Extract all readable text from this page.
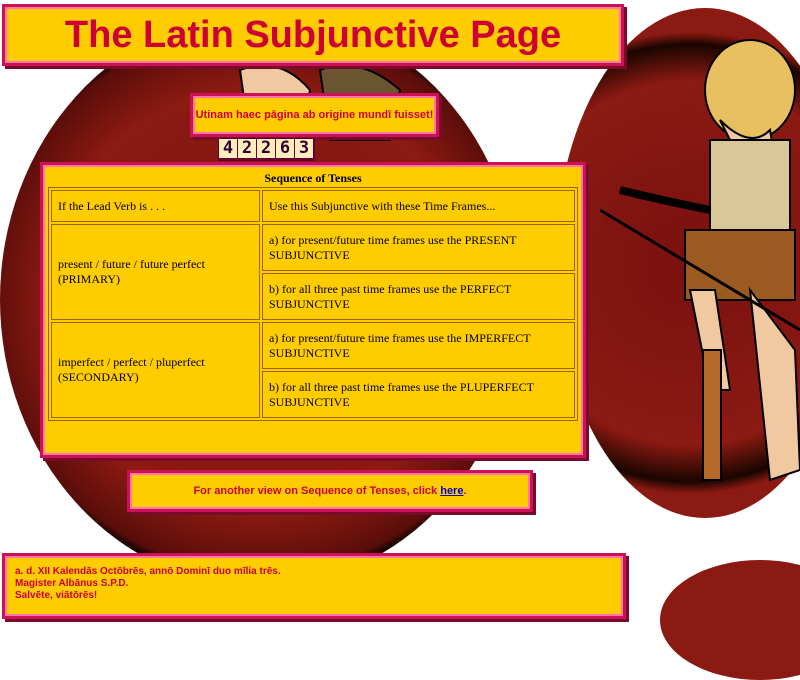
The Latin Subjunctive Page
Utinam haec pāgina ab origine mundī fuisset!
4 2 2 6 3
Sequence of Tenses
If the Lead Verb is . . .	Use this Subjunctive with these Time Frames...
present / future / future perfect (PRIMARY)	a) for present/future time frames use the PRESENT SUBJUNCTIVE
	b) for all three past time frames use the PERFECT SUBJUNCTIVE
imperfect / perfect / pluperfect (SECONDARY)	a) for present/future time frames use the IMPERFECT SUBJUNCTIVE
	b) for all three past time frames use the PLUPERFECT SUBJUNCTIVE
For another view on Sequence of Tenses, click here.
a. d. XII Kalendās Octōbrēs, annō Dominī duo mīlia trēs.
Magister Albānus S.P.D.
Salvēte, viātōrēs!
